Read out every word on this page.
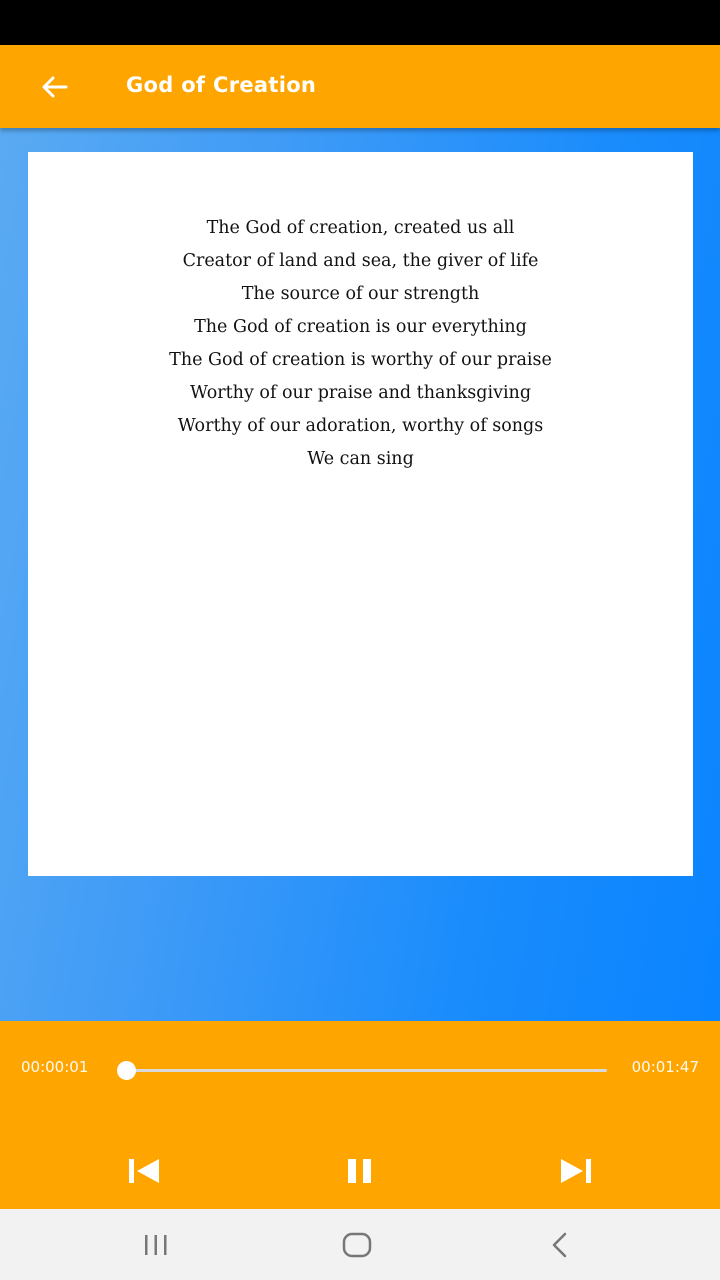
God of Creation
The God of creation, created us all
Creator of land and sea, the giver of life
The source of our strength
The God of creation is our everything
The God of creation is worthy of our praise
Worthy of our praise and thanksgiving
Worthy of our adoration, worthy of songs
We can sing
00:00:01	00:01:47
